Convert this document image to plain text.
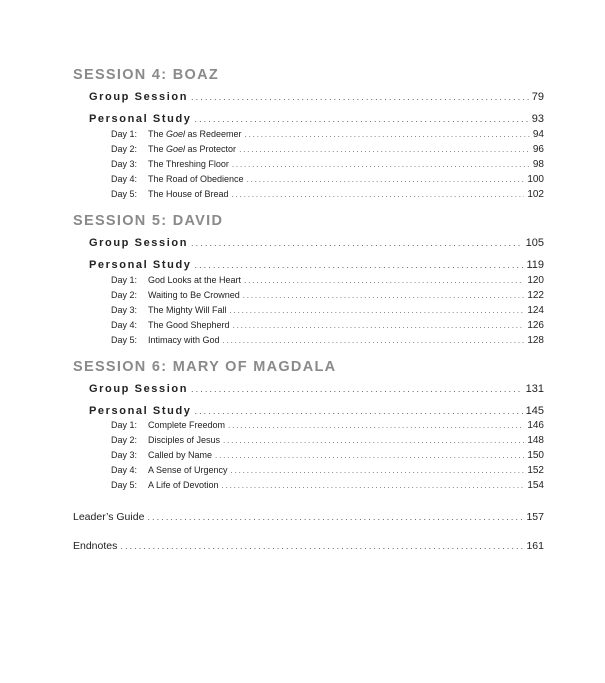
SESSION 4: BOAZ
Group Session . . .	79
Personal Study . . .	93
Day 1: The Goel as Redeemer . . .	94
Day 2: The Goel as Protector . . .	96
Day 3: The Threshing Floor . . .	98
Day 4: The Road of Obedience . . .	100
Day 5: The House of Bread . . .	102
SESSION 5: DAVID
Group Session . . .	105
Personal Study . . .	119
Day 1: God Looks at the Heart . . .	120
Day 2: Waiting to Be Crowned . . .	122
Day 3: The Mighty Will Fall . . .	124
Day 4: The Good Shepherd . . .	126
Day 5: Intimacy with God . . .	128
SESSION 6: MARY OF MAGDALA
Group Session . . .	131
Personal Study . . .	145
Day 1: Complete Freedom . . .	146
Day 2: Disciples of Jesus . . .	148
Day 3: Called by Name . . .	150
Day 4: A Sense of Urgency . . .	152
Day 5: A Life of Devotion . . .	154
Leader’s Guide . . .	157
Endnotes . . .	161
